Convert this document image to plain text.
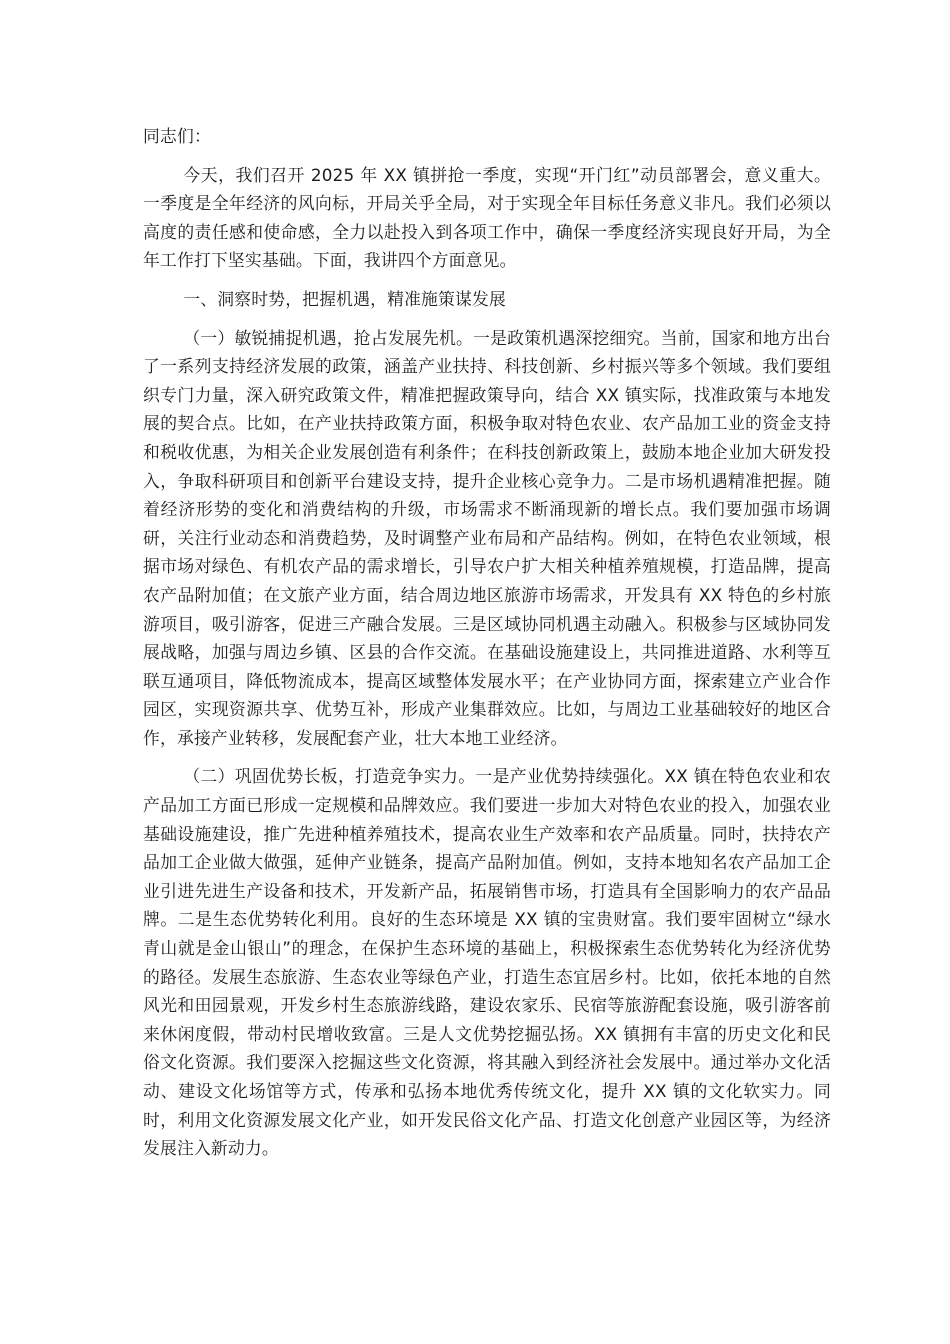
同志们：

今天，我们召开 2025 年 XX 镇拼抢一季度，实现“开门红”动员部署会，意义重大。一季度是全年经济的风向标，开局关乎全局，对于实现全年目标任务意义非凡。我们必须以高度的责任感和使命感，全力以赴投入到各项工作中，确保一季度经济实现良好开局，为全年工作打下坚实基础。下面，我讲四个方面意见。

一、洞察时势，把握机遇，精准施策谋发展

（一）敏锐捕捉机遇，抢占发展先机。一是政策机遇深挖细究。当前，国家和地方出台了一系列支持经济发展的政策，涵盖产业扶持、科技创新、乡村振兴等多个领域。我们要组织专门力量，深入研究政策文件，精准把握政策导向，结合 XX 镇实际，找准政策与本地发展的契合点。比如，在产业扶持政策方面，积极争取对特色农业、农产品加工业的资金支持和税收优惠，为相关企业发展创造有利条件；在科技创新政策上，鼓励本地企业加大研发投入，争取科研项目和创新平台建设支持，提升企业核心竞争力。二是市场机遇精准把握。随着经济形势的变化和消费结构的升级，市场需求不断涌现新的增长点。我们要加强市场调研，关注行业动态和消费趋势，及时调整产业布局和产品结构。例如，在特色农业领域，根据市场对绿色、有机农产品的需求增长，引导农户扩大相关种植养殖规模，打造品牌，提高农产品附加值；在文旅产业方面，结合周边地区旅游市场需求，开发具有 XX 特色的乡村旅游项目，吸引游客，促进三产融合发展。三是区域协同机遇主动融入。积极参与区域协同发展战略，加强与周边乡镇、区县的合作交流。在基础设施建设上，共同推进道路、水利等互联互通项目，降低物流成本，提高区域整体发展水平；在产业协同方面，探索建立产业合作园区，实现资源共享、优势互补，形成产业集群效应。比如，与周边工业基础较好的地区合作，承接产业转移，发展配套产业，壮大本地工业经济。

（二）巩固优势长板，打造竞争实力。一是产业优势持续强化。XX 镇在特色农业和农产品加工方面已形成一定规模和品牌效应。我们要进一步加大对特色农业的投入，加强农业基础设施建设，推广先进种植养殖技术，提高农业生产效率和农产品质量。同时，扶持农产品加工企业做大做强，延伸产业链条，提高产品附加值。例如，支持本地知名农产品加工企业引进先进生产设备和技术，开发新产品，拓展销售市场，打造具有全国影响力的农产品品牌。二是生态优势转化利用。良好的生态环境是 XX 镇的宝贵财富。我们要牢固树立“绿水青山就是金山银山”的理念，在保护生态环境的基础上，积极探索生态优势转化为经济优势的路径。发展生态旅游、生态农业等绿色产业，打造生态宜居乡村。比如，依托本地的自然风光和田园景观，开发乡村生态旅游线路，建设农家乐、民宿等旅游配套设施，吸引游客前来休闲度假，带动村民增收致富。三是人文优势挖掘弘扬。XX 镇拥有丰富的历史文化和民俗文化资源。我们要深入挖掘这些文化资源，将其融入到经济社会发展中。通过举办文化活动、建设文化场馆等方式，传承和弘扬本地优秀传统文化，提升 XX 镇的文化软实力。同时，利用文化资源发展文化产业，如开发民俗文化产品、打造文化创意产业园区等，为经济发展注入新动力。
